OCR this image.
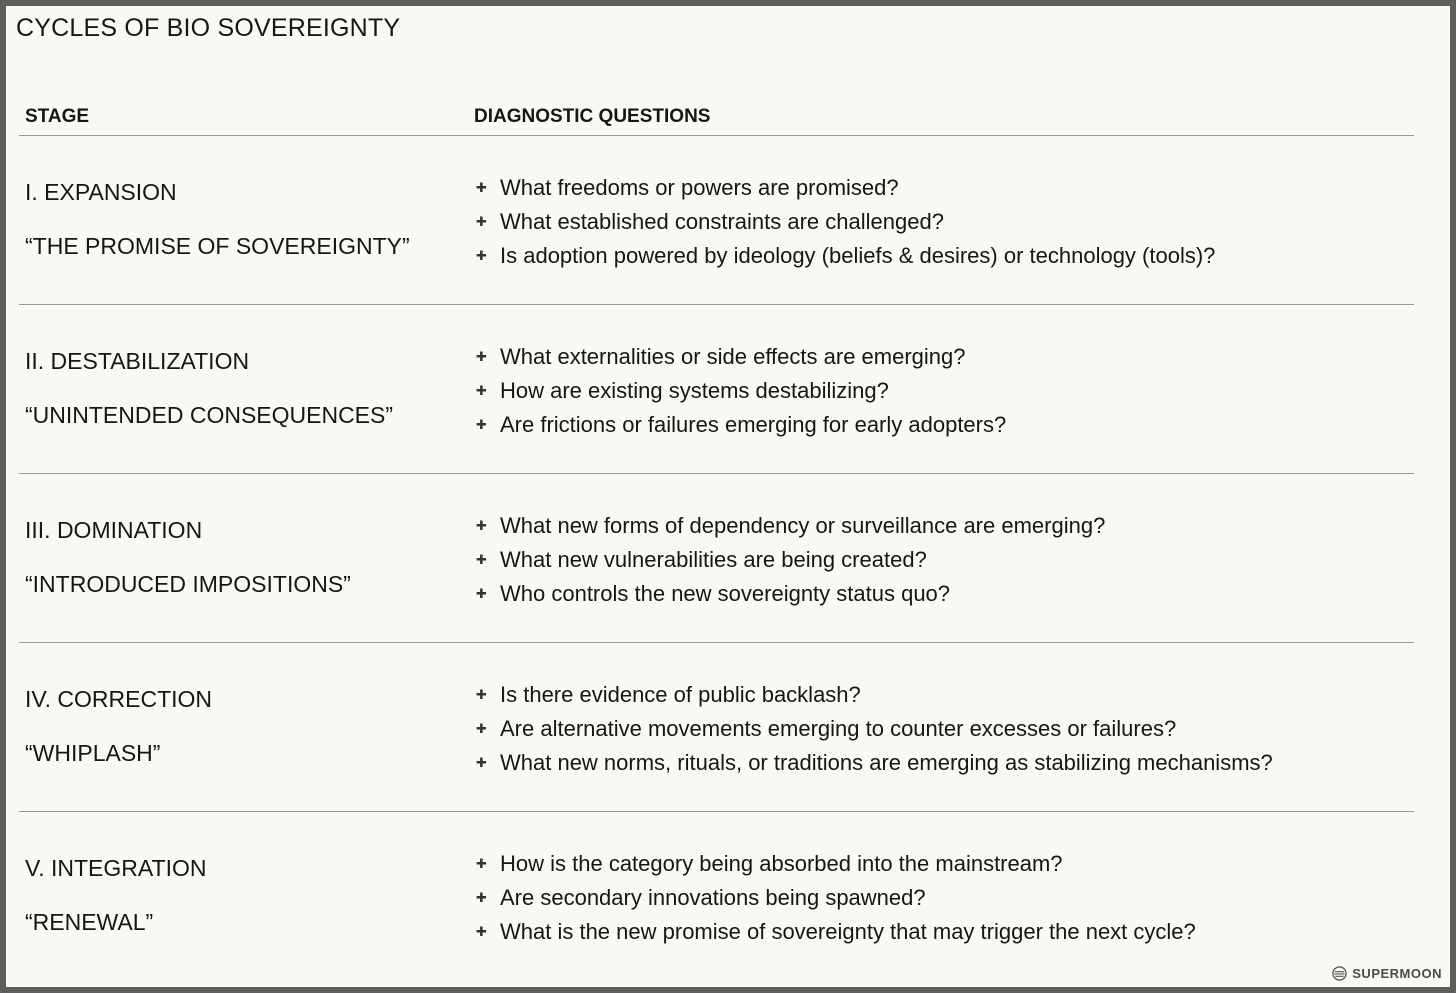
CYCLES OF BIO SOVEREIGNTY
STAGE	DIAGNOSTIC QUESTIONS
I. EXPANSION
“THE PROMISE OF SOVEREIGNTY”
✚ What freedoms or powers are promised?
✚ What established constraints are challenged?
✚ Is adoption powered by ideology (beliefs & desires) or technology (tools)?
II. DESTABILIZATION
“UNINTENDED CONSEQUENCES”
✚ What externalities or side effects are emerging?
✚ How are existing systems destabilizing?
✚ Are frictions or failures emerging for early adopters?
III. DOMINATION
“INTRODUCED IMPOSITIONS”
✚ What new forms of dependency or surveillance are emerging?
✚ What new vulnerabilities are being created?
✚ Who controls the new sovereignty status quo?
IV. CORRECTION
“WHIPLASH”
✚ Is there evidence of public backlash?
✚ Are alternative movements emerging to counter excesses or failures?
✚ What new norms, rituals, or traditions are emerging as stabilizing mechanisms?
V. INTEGRATION
“RENEWAL”
✚ How is the category being absorbed into the mainstream?
✚ Are secondary innovations being spawned?
✚ What is the new promise of sovereignty that may trigger the next cycle?
SUPERMOON
